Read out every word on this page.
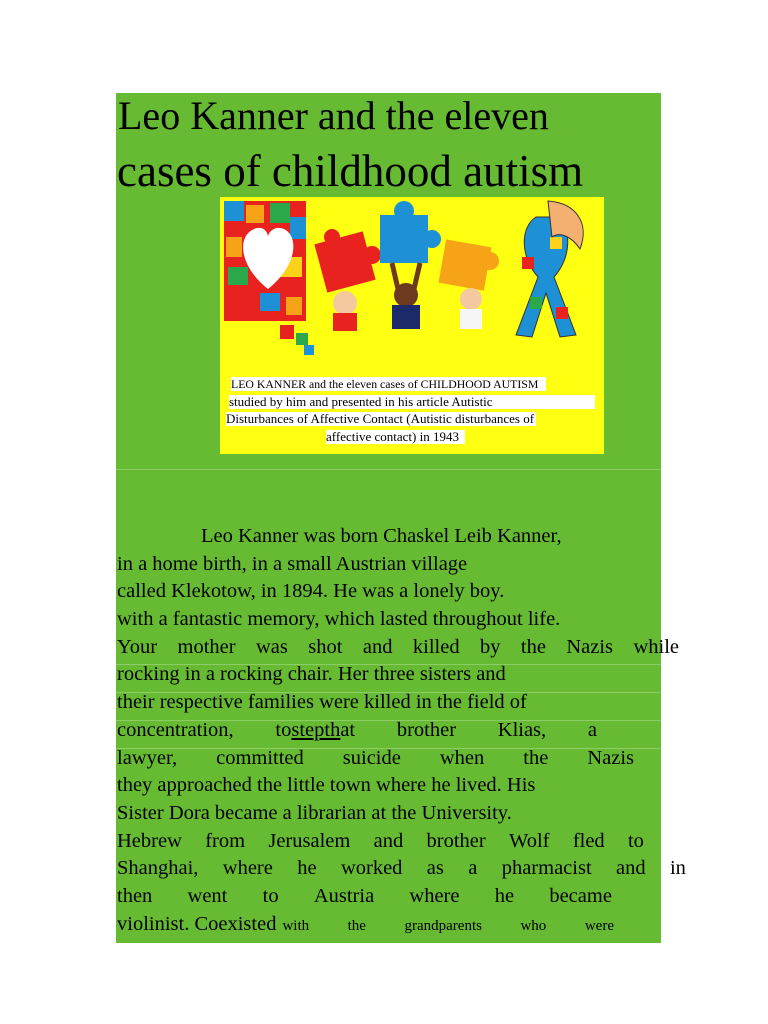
Leo Kanner and the eleven
cases of childhood autism
LEO KANNER and the eleven cases of CHILDHOOD AUTISM
studied by him and presented in his article Autistic
Disturbances of Affective Contact (Autistic disturbances of
affective contact) in 1943
Leo Kanner was born Chaskel Leib Kanner,
in a home birth, in a small Austrian village
called Klekotow, in 1894. He was a lonely boy.
with a fantastic memory, which lasted throughout life.
Your mother was shot and killed by the Nazis while
rocking in a rocking chair. Her three sisters and
their respective families were killed in the field of
concentration, tostepthat brother Klias, a
lawyer, committed suicide when the Nazis
they approached the little town where he lived. His
Sister Dora became a librarian at the University.
Hebrew from Jerusalem and brother Wolf fled to
Shanghai, where he worked as a pharmacist and in
then went to Austria where he became
violinist. Coexisted with	the	grandparents	who	were
